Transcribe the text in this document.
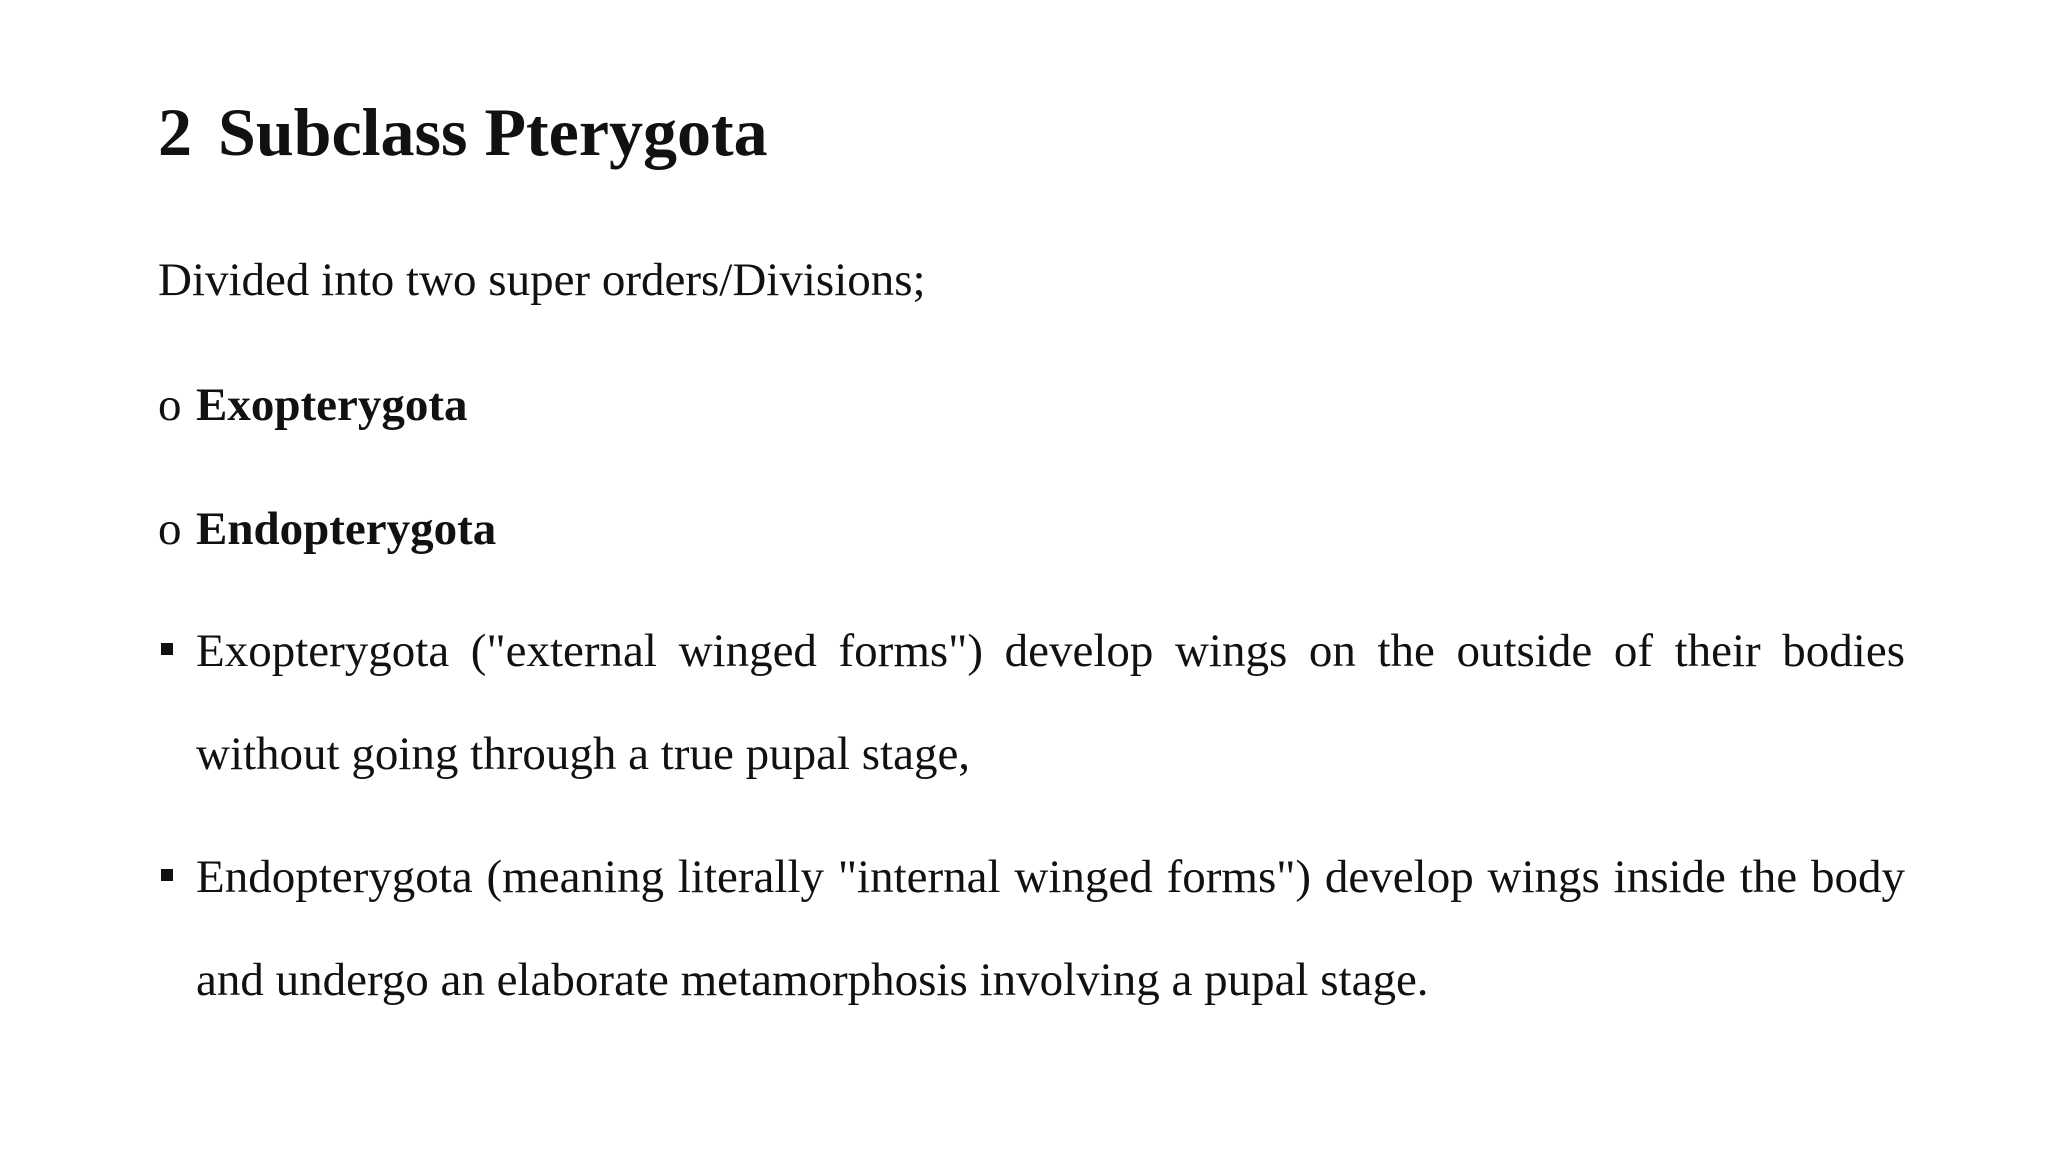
2 Subclass Pterygota

Divided into two super orders/Divisions;

o Exopterygota

o Endopterygota

Exopterygota ("external winged forms") develop wings on the outside of their bodies without going through a true pupal stage,
Endopterygota (meaning literally "internal winged forms") develop wings inside the body and undergo an elaborate metamorphosis involving a pupal stage.
